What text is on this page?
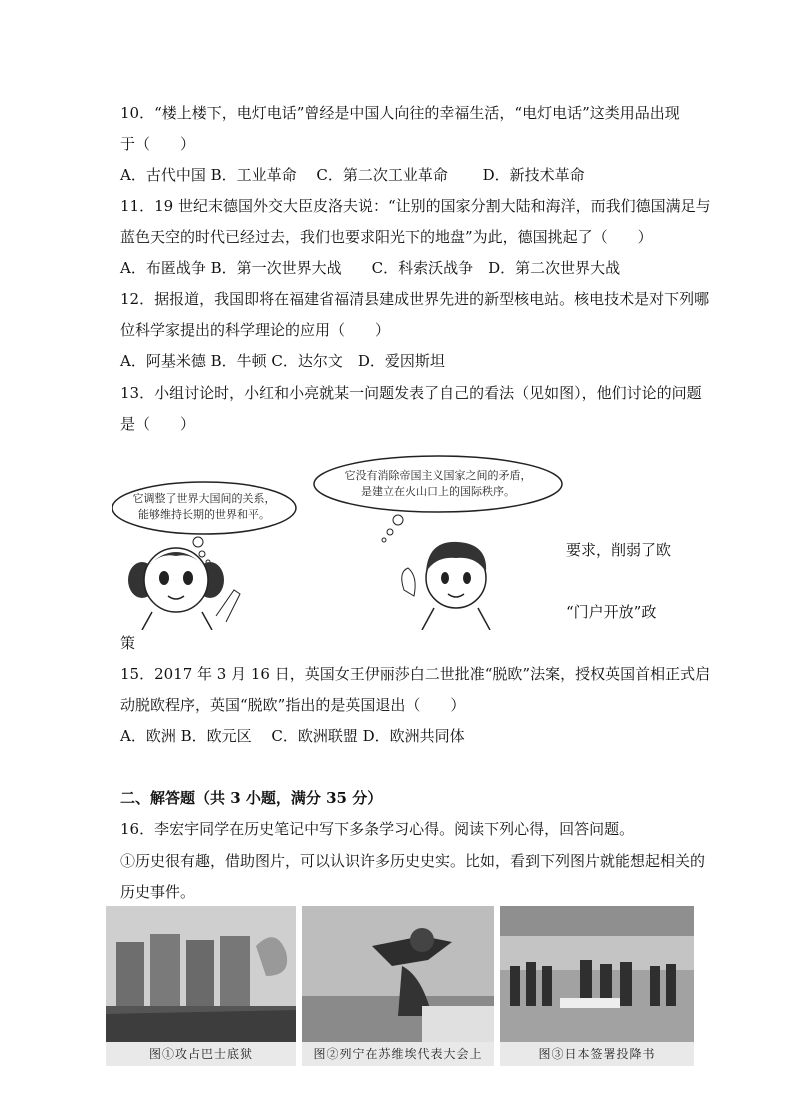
10．“楼上楼下，电灯电话”曾经是中国人向往的幸福生活，“电灯电话”这类用品出现
于（　　）
A．古代中国 B．工业革命　 C．第二次工业革命　　 D．新技术革命
11．19 世纪末德国外交大臣皮洛夫说：“让别的国家分割大陆和海洋，而我们德国满足与
蓝色天空的时代已经过去，我们也要求阳光下的地盘”为此，德国挑起了（　　）
A．布匿战争 B．第一次世界大战　　C．科索沃战争　D．第二次世界大战
12．据报道，我国即将在福建省福清县建成世界先进的新型核电站。核电技术是对下列哪
位科学家提出的科学理论的应用（　　）
A．阿基米德 B．牛顿 C．达尔文　D．爱因斯坦
13．小组讨论时，小红和小亮就某一问题发表了自己的看法（见如图），他们讨论的问题
是（　　）
要求，削弱了欧
“门户开放”政
策
它调整了世界大国间的关系，
能够维持长期的世界和平。
它没有消除帝国主义国家之间的矛盾，
是建立在火山口上的国际秩序。
15．2017 年 3 月 16 日，英国女王伊丽莎白二世批准“脱欧”法案，授权英国首相正式启
动脱欧程序，英国“脱欧”指出的是英国退出（　　）
A．欧洲 B．欧元区　 C．欧洲联盟 D．欧洲共同体
二、解答题（共 3 小题，满分 35 分）
16．李宏宇同学在历史笔记中写下多条学习心得。阅读下列心得，回答问题。
①历史很有趣，借助图片，可以认识许多历史史实。比如，看到下列图片就能想起相关的
历史事件。
图①攻占巴士底狱	图②列宁在苏维埃代表大会上	图③日本签署投降书
